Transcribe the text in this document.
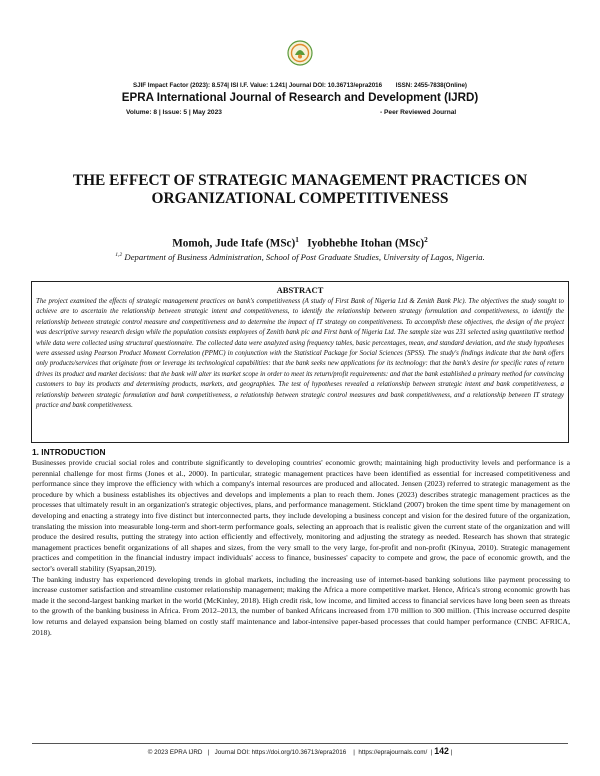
SJIF Impact Factor (2023): 8.574| ISI I.F. Value: 1.241| Journal DOI: 10.36713/epra2016        ISSN: 2455-7838(Online)
EPRA International Journal of Research and Development (IJRD)
Volume: 8 | Issue: 5 | May 2023	- Peer Reviewed Journal
THE EFFECT OF STRATEGIC MANAGEMENT PRACTICES ON ORGANIZATIONAL COMPETITIVENESS
Momoh, Jude Itafe (MSc)$^1$ Iyobhebhe Itohan (MSc)$^2$
$^{1,2}$ Department of Business Administration, School of Post Graduate Studies, University of Lagos, Nigeria.
ABSTRACT
The project examined the effects of strategic management practices on bank's competitiveness (A study of First Bank of Nigeria Ltd & Zenith Bank Plc). The objectives the study sought to achieve are to ascertain the relationship between strategic intent and competitiveness, to identify the relationship between strategy formulation and competitiveness, to identify the relationship between strategic control measure and competitiveness and to determine the impact of IT strategy on competitiveness. To accomplish these objectives, the design of the project was descriptive survey research design while the population consists employees of Zenith bank plc and First bank of Nigeria Ltd. The sample size was 231 selected using quantitative method while data were collected using structural questionnaire. The collected data were analyzed using frequency tables, basic percentages, mean, and standard deviation, and the study hypotheses were assessed using Pearson Product Moment Correlation (PPMC) in conjunction with the Statistical Package for Social Sciences (SPSS). The study's findings indicate that the bank offers only products/services that originate from or leverage its technological capabilities: that the bank seeks new applications for its technology: that the bank's desire for specific rates of return drives its product and market decisions: that the bank will alter its market scope in order to meet its return/profit requirements: and that the bank established a primary method for convincing customers to buy its products and determining products, markets, and geographies. The test of hypotheses revealed a relationship between strategic intent and bank competitiveness, a relationship between strategic formulation and bank competitiveness, a relationship between strategic control measures and bank competitiveness, and a relationship between IT strategy practice and bank competitiveness.
1. INTRODUCTION

Businesses provide crucial social roles and contribute significantly to developing countries' economic growth; maintaining high productivity levels and performance is a perennial challenge for most firms (Jones et al., 2000). In particular, strategic management practices have been identified as essential for increased competitiveness and performance since they improve the efficiency with which a company's internal resources are produced and allocated. Jensen (2023) referred to strategic management as the procedure by which a business establishes its objectives and develops and implements a plan to reach them. Jones (2023) describes strategic management practices as the processes that ultimately result in an organization's strategic objectives, plans, and performance management. Stickland (2007) broken the time spent time by management on developing and enacting a strategy into five distinct but interconnected parts, they include developing a business concept and vision for the desired future of the organization, translating the mission into measurable long-term and short-term performance goals, selecting an approach that is realistic given the current state of the organization and will produce the desired results, putting the strategy into action efficiently and effectively, monitoring and adjusting the strategy as needed. Research has shown that strategic management practices benefit organizations of all shapes and sizes, from the very small to the very large, for-profit and non-profit (Kinyua, 2010). Strategic management practices and competition in the financial industry impact individuals' access to finance, businesses' capacity to compete and grow, the pace of economic growth, and the sector's overall stability (Syapsan,2019).

The banking industry has experienced developing trends in global markets, including the increasing use of internet-based banking solutions like payment processing to increase customer satisfaction and streamline customer relationship management; making the Africa a more competitive market. Hence, Africa's strong economic growth has made it the second-largest banking market in the world (McKinley, 2018). High credit risk, low income, and limited access to financial services have long been seen as threats to the growth of the banking business in Africa. From 2012–2013, the number of banked Africans increased from 170 million to 300 million. (This increase occurred despite low returns and delayed expansion being blamed on costly staff maintenance and labor-intensive paper-based processes that could hamper performance (CNBC AFRICA, 2018).

© 2023 EPRA IJRD   |   Journal DOI: https://doi.org/10.36713/epra2016    |  https://eprajournals.com/  | 142 |
